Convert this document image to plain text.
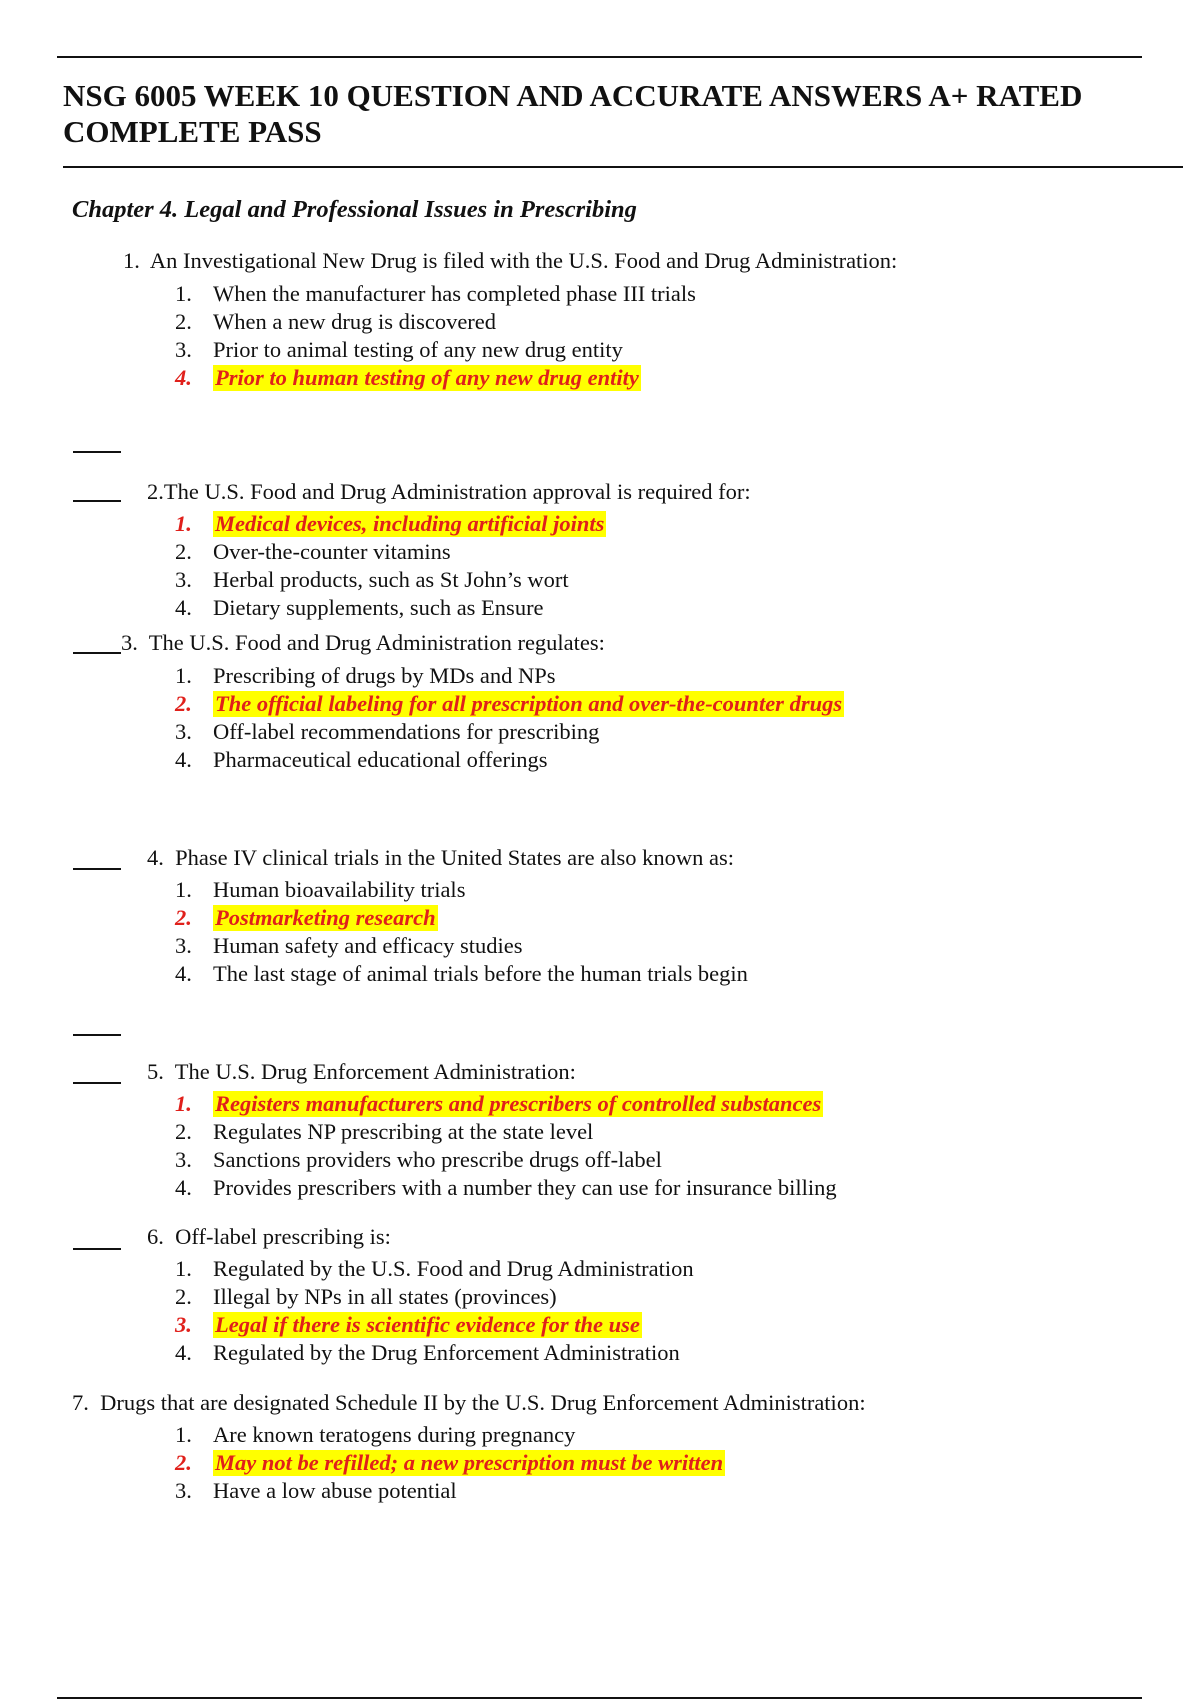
NSG 6005 WEEK 10 QUESTION AND ACCURATE ANSWERS A+ RATED COMPLETE PASS
Chapter 4. Legal and Professional Issues in Prescribing
1. An Investigational New Drug is filed with the U.S. Food and Drug Administration:
1. When the manufacturer has completed phase III trials
2. When a new drug is discovered
3. Prior to animal testing of any new drug entity
4. Prior to human testing of any new drug entity
2.The U.S. Food and Drug Administration approval is required for:
1. Medical devices, including artificial joints
2. Over-the-counter vitamins
3. Herbal products, such as St John’s wort
4. Dietary supplements, such as Ensure
3. The U.S. Food and Drug Administration regulates:
1. Prescribing of drugs by MDs and NPs
2. The official labeling for all prescription and over-the-counter drugs
3. Off-label recommendations for prescribing
4. Pharmaceutical educational offerings
4. Phase IV clinical trials in the United States are also known as:
1. Human bioavailability trials
2. Postmarketing research
3. Human safety and efficacy studies
4. The last stage of animal trials before the human trials begin
5. The U.S. Drug Enforcement Administration:
1. Registers manufacturers and prescribers of controlled substances
2. Regulates NP prescribing at the state level
3. Sanctions providers who prescribe drugs off-label
4. Provides prescribers with a number they can use for insurance billing
6. Off-label prescribing is:
1. Regulated by the U.S. Food and Drug Administration
2. Illegal by NPs in all states (provinces)
3. Legal if there is scientific evidence for the use
4. Regulated by the Drug Enforcement Administration
7. Drugs that are designated Schedule II by the U.S. Drug Enforcement Administration:
1. Are known teratogens during pregnancy
2. May not be refilled; a new prescription must be written
3. Have a low abuse potential
